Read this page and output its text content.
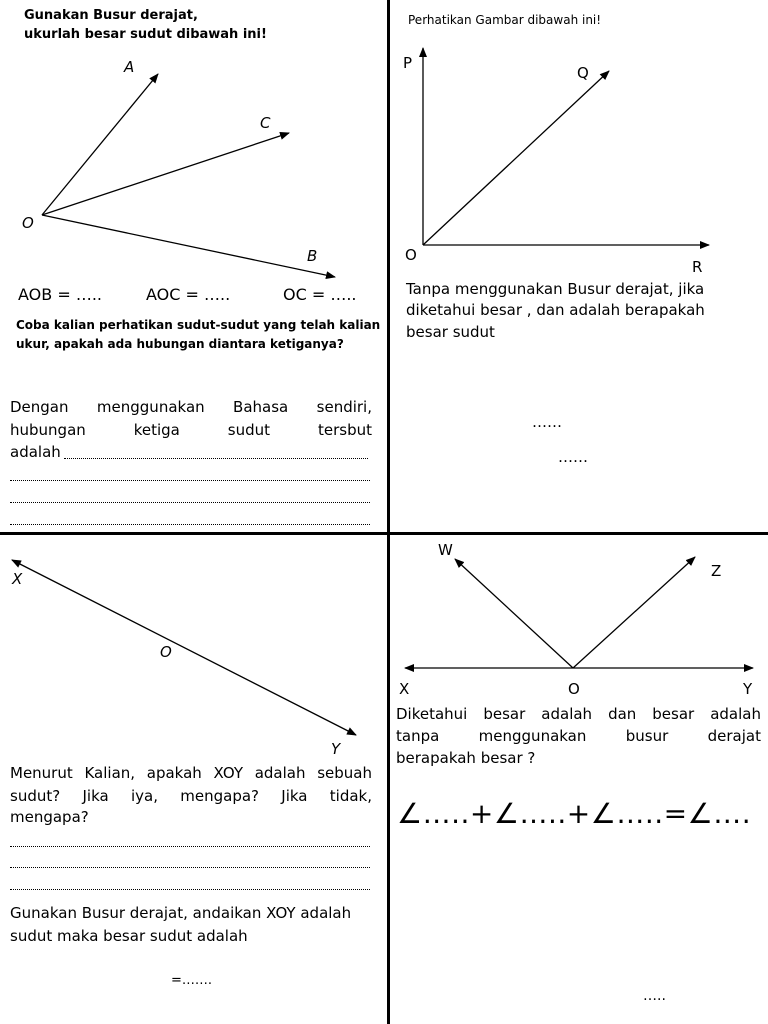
Gunakan Busur derajat,
ukurlah besar sudut dibawah ini!
A
C
O
B
AOB = …..	AOC = …..	OC = …..
Coba kalian perhatikan sudut-sudut yang telah kalian
ukur, apakah ada hubungan diantara ketiganya?
Dengan menggunakan Bahasa sendiri,
hubungan ketiga sudut tersbut
adalah
Perhatikan Gambar dibawah ini!
P
Q
O
R
Tanpa menggunakan Busur derajat, jika
diketahui besar , dan adalah berapakah
besar sudut
……
……
X
O
Y
Menurut Kalian, apakah XOY adalah sebuah
sudut? Jika iya, mengapa? Jika tidak,
mengapa?
Gunakan Busur derajat, andaikan XOY adalah
sudut maka besar sudut adalah
=…….
W
Z
X	O	Y
Diketahui besar adalah dan besar adalah
tanpa menggunakan busur derajat
berapakah besar ?
∠…..+∠…..+∠…..=∠….
…..
